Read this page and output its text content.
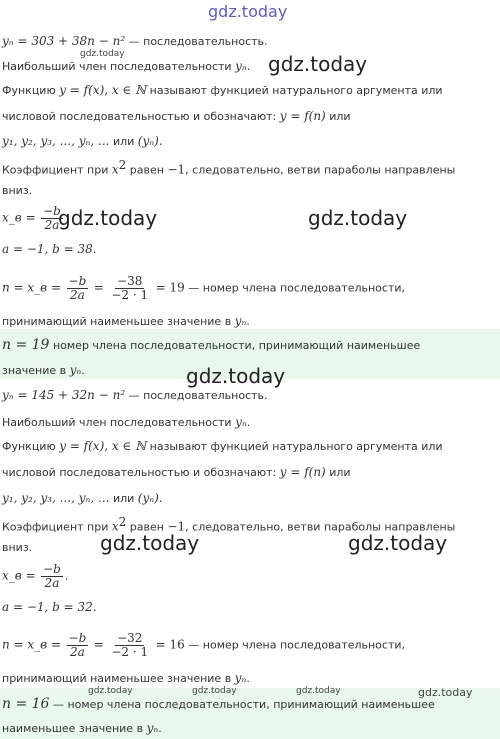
gdz.today
gdz.today	gdz.today
gdz.today	gdz.today
gdz.today
gdz.today	gdz.today
gdz.today	gdz.today	gdz.today	gdz.today
yₙ = 303 + 38n − n² — последовательность.
Наибольший член последовательности yₙ.
Функцию y = f(x), x ∈ ℕ называют функцией натурального аргумента или
числовой последовательностью и обозначают: y = f(n) или
y₁, y₂, y₃, ..., yₙ, ... или (yₙ).
Коэффициент при $x^2$ равен −1, следовательно, ветви параболы направлены
вниз.
x_в = $\frac{-b}{2a}$
a = −1, b = 38.
n = x_в = $\frac{-b}{2a} = \frac{-38}{-2 \cdot 1} = 19$ — номер члена последовательности,
принимающий наименьшее значение в yₙ.
n = 19 номер члена последовательности, принимающий наименьшее
значение в yₙ.
yₙ = 145 + 32n − n² — последовательность.
Наибольший член последовательности yₙ.
Функцию y = f(x), x ∈ ℕ называют функцией натурального аргумента или
числовой последовательностью и обозначают: y = f(n) или
y₁, y₂, y₃, ..., yₙ, ... или (yₙ).
Коэффициент при $x^2$ равен −1, следовательно, ветви параболы направлены
вниз.
x_в = $\frac{-b}{2a}$ .
a = −1, b = 32.
n = x_в = $\frac{-b}{2a} = \frac{-32}{-2 \cdot 1} = 16$ — номер члена последовательности,
принимающий наименьшее значение в yₙ.
n = 16 — номер члена последовательности, принимающий наименьшее
наименьшее значение в yₙ.
